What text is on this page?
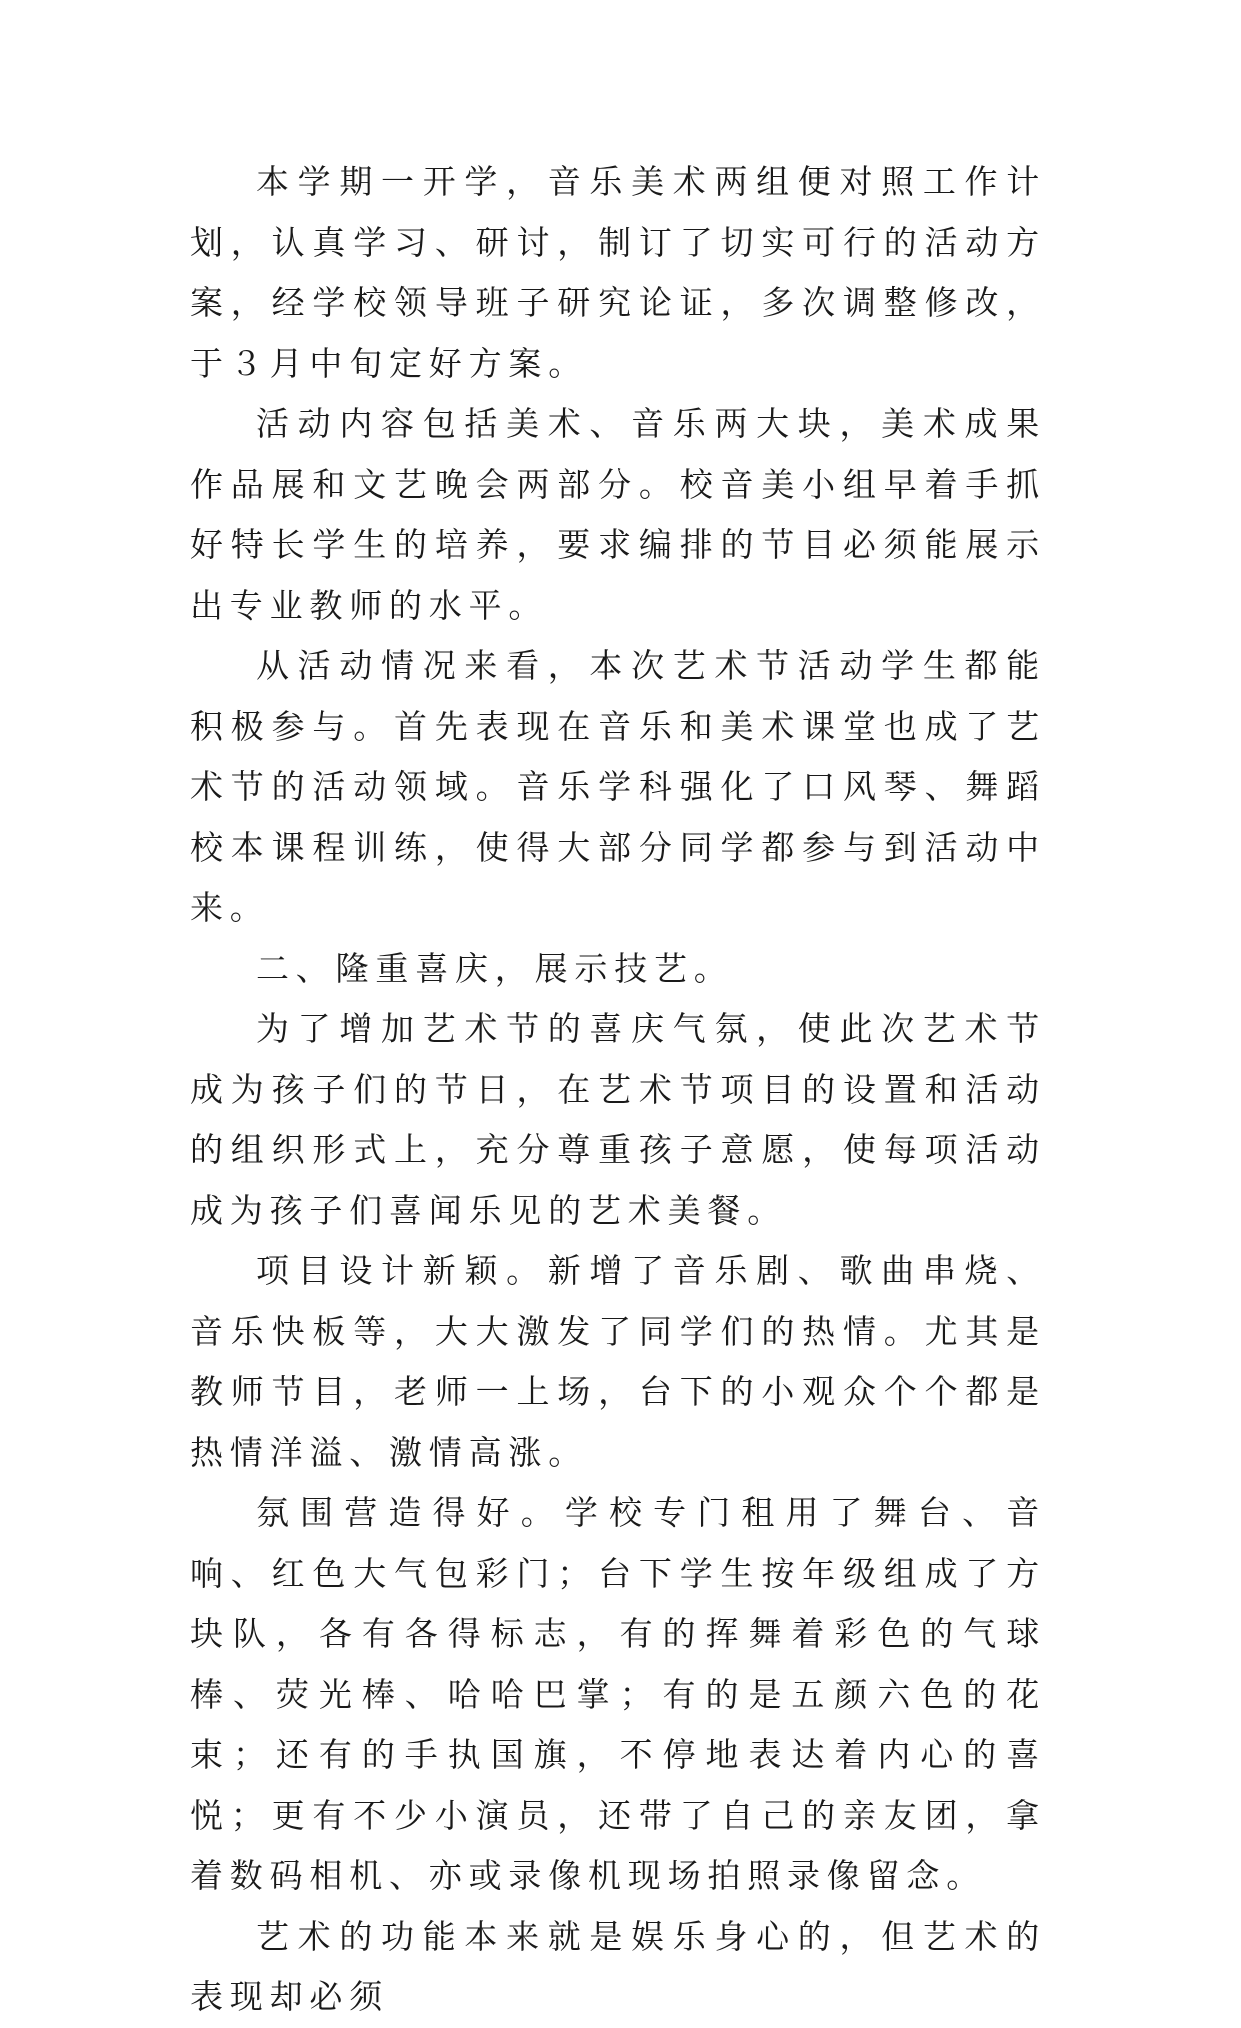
本学期一开学，音乐美术两组便对照工作计划，认真学习、研讨，制订了切实可行的活动方案，经学校领导班子研究论证，多次调整修改，于３月中旬定好方案。

活动内容包括美术、音乐两大块，美术成果作品展和文艺晚会两部分。校音美小组早着手抓好特长学生的培养，要求编排的节目必须能展示出专业教师的水平。

从活动情况来看，本次艺术节活动学生都能积极参与。首先表现在音乐和美术课堂也成了艺术节的活动领域。音乐学科强化了口风琴、舞蹈校本课程训练，使得大部分同学都参与到活动中来。

二、隆重喜庆，展示技艺。

为了增加艺术节的喜庆气氛，使此次艺术节成为孩子们的节日，在艺术节项目的设置和活动的组织形式上，充分尊重孩子意愿，使每项活动成为孩子们喜闻乐见的艺术美餐。

项目设计新颖。新增了音乐剧、歌曲串烧、音乐快板等，大大激发了同学们的热情。尤其是教师节目，老师一上场，台下的小观众个个都是热情洋溢、激情高涨。

氛围营造得好。学校专门租用了舞台、音响、红色大气包彩门；台下学生按年级组成了方块队，各有各得标志，有的挥舞着彩色的气球棒、荧光棒、哈哈巴掌；有的是五颜六色的花束；还有的手执国旗，不停地表达着内心的喜悦；更有不少小演员，还带了自己的亲友团，拿着数码相机、亦或录像机现场拍照录像留念。

艺术的功能本来就是娱乐身心的，但艺术的表现却必须
